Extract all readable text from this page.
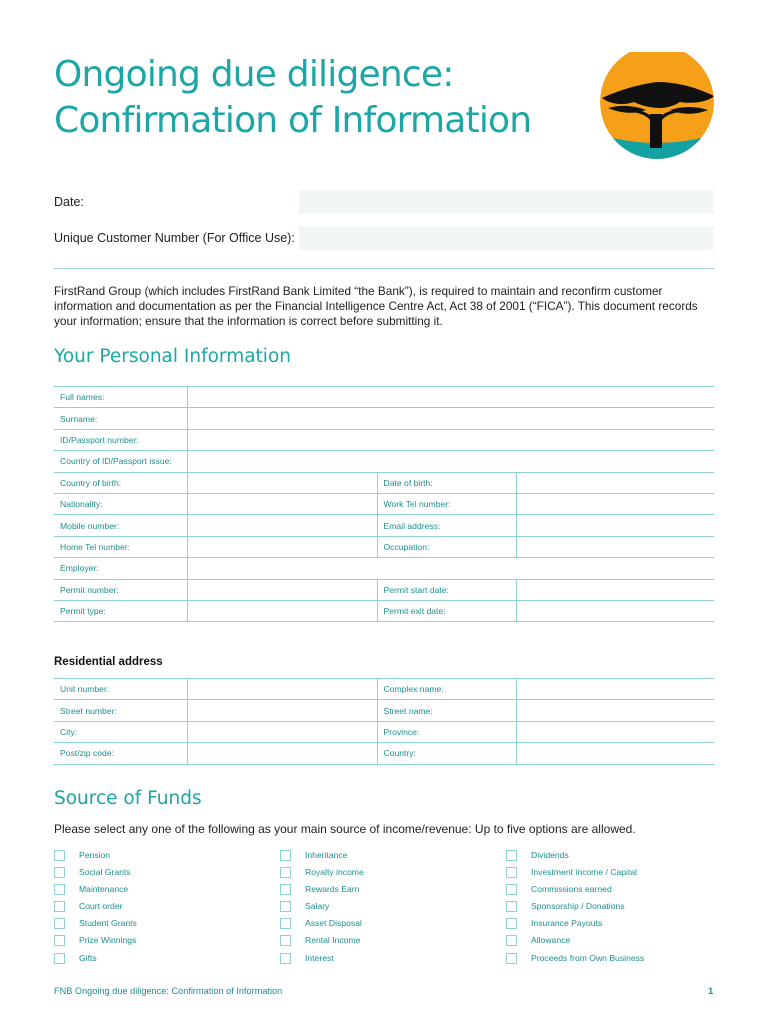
Ongoing due diligence:
Confirmation of Information
Date:
Unique Customer Number (For Office Use):

FirstRand Group (which includes FirstRand Bank Limited “the Bank”), is required to maintain and reconfirm customer information and documentation as per the Financial Intelligence Centre Act, Act 38 of 2001 (“FICA”). This document records your information; ensure that the information is correct before submitting it.

Your Personal Information
Full names:			
Surname:			
ID/Passport number:			
Country of ID/Passport issue:			
Country of birth:		Date of birth:	
Nationality:		Work Tel number:	
Mobile number:		Email address:	
Home Tel number:		Occupation:	
Employer:			
Permit number:		Permit start date:	
Permit type:		Permit exit date:	
Residential address
Unit number:		Complex name:	
Street number:		Street name:	
City:		Province:	
Post/zip code:		Country:	
Source of Funds

Please select any one of the following as your main source of income/revenue: Up to five options are allowed.

Pension
Social Grants
Maintenance
Court order
Student Grants
Prize Winnings
Gifts
Inheritance
Royalty income
Rewards Earn
Salary
Asset Disposal
Rental Income
Interest
Dividends
Investment income / Capital
Commissions earned
Sponsorship / Donations
Insurance Payouts
Allowance
Proceeds from Own Business
FNB Ongoing due diligence: Confirmation of Information	1
